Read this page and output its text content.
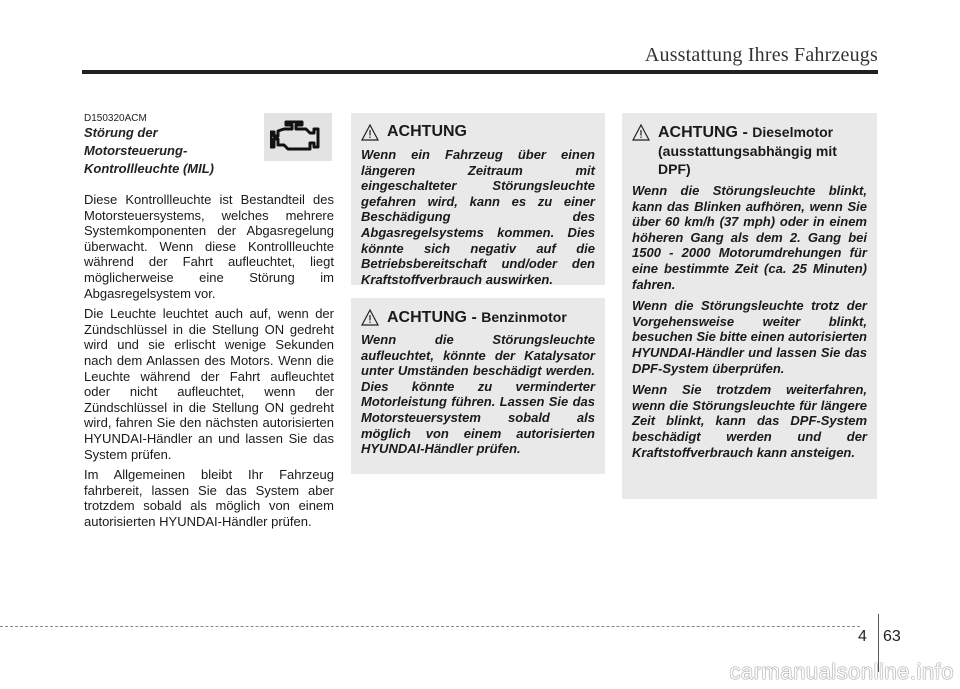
Ausstattung Ihres Fahrzeugs
D150320ACM
Störung der Motorsteuerung-Kontrollleuchte (MIL)

Diese Kontrollleuchte ist Bestandteil des Motorsteuersystems, welches mehrere Systemkomponenten der Abgasregelung überwacht. Wenn diese Kontrollleuchte während der Fahrt aufleuchtet, liegt möglicherweise eine Störung im Abgasregelsystem vor.

Die Leuchte leuchtet auch auf, wenn der Zündschlüssel in die Stellung ON gedreht wird und sie erlischt wenige Sekunden nach dem Anlassen des Motors. Wenn die Leuchte während der Fahrt aufleuchtet oder nicht aufleuchtet, wenn der Zündschlüssel in die Stellung ON gedreht wird, fahren Sie den nächsten autorisierten HYUNDAI-Händler an und lassen Sie das System prüfen.

Im Allgemeinen bleibt Ihr Fahrzeug fahrbereit, lassen Sie das System aber trotzdem sobald als möglich von einem autorisierten HYUNDAI-Händler prüfen.

ACHTUNG

Wenn ein Fahrzeug über einen längeren Zeitraum mit eingeschalteter Störungsleuchte gefahren wird, kann es zu einer Beschädigung des Abgasregelsystems kommen. Dies könnte sich negativ auf die Betriebsbereitschaft und/oder den Kraftstoffverbrauch auswirken.

ACHTUNG - Benzinmotor

Wenn die Störungsleuchte aufleuchtet, könnte der Katalysator unter Umständen beschädigt werden. Dies könnte zu verminderter Motorleistung führen. Lassen Sie das Motorsteuersystem sobald als möglich von einem autorisierten HYUNDAI-Händler prüfen.

ACHTUNG - Dieselmotor (ausstattungsabhängig mit DPF)

Wenn die Störungsleuchte blinkt, kann das Blinken aufhören, wenn Sie über 60 km/h (37 mph) oder in einem höheren Gang als dem 2. Gang bei 1500 - 2000 Motorumdrehungen für eine bestimmte Zeit (ca. 25 Minuten) fahren.

Wenn die Störungsleuchte trotz der Vorgehensweise weiter blinkt, besuchen Sie bitte einen autorisierten HYUNDAI-Händler und lassen Sie das DPF-System überprüfen.

Wenn Sie trotzdem weiterfahren, wenn die Störungsleuchte für längere Zeit blinkt, kann das DPF-System beschädigt werden und der Kraftstoffverbrauch kann ansteigen.

4 63
carmanualsonline.info
